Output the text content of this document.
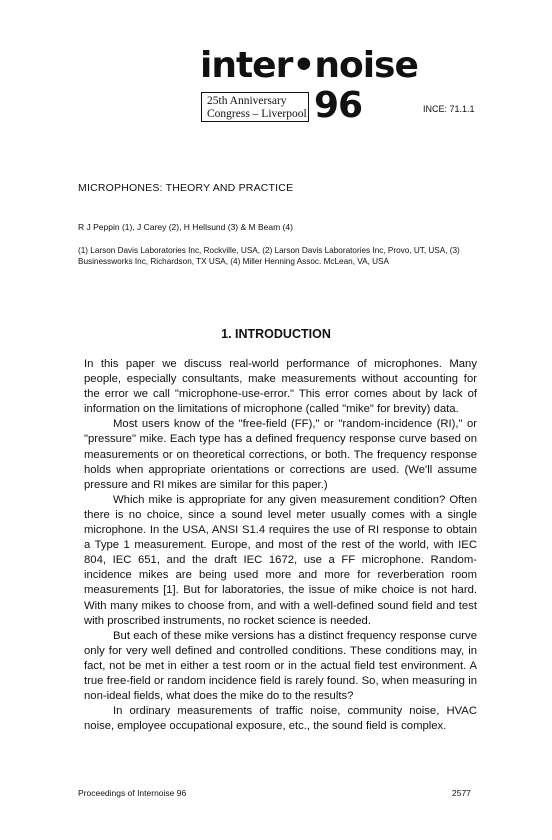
inter•noise
25th Anniversary
Congress – Liverpool 96	INCE: 71.1.1
MICROPHONES: THEORY AND PRACTICE
R J Peppin (1), J Carey (2), H Hellsund (3) & M Beam (4)
(1) Larson Davis Laboratories Inc, Rockville, USA, (2) Larson Davis Laboratories Inc, Provo, UT, USA, (3) Businessworks Inc, Richardson, TX USA, (4) Miller Henning Assoc. McLean, VA, USA
1. INTRODUCTION

In this paper we discuss real-world performance of microphones. Many people, especially consultants, make measurements without accounting for the error we call "microphone-use-error." This error comes about by lack of information on the limitations of microphone (called "mike" for brevity) data.

Most users know of the "free-field (FF)," or "random-incidence (RI)," or "pressure" mike. Each type has a defined frequency response curve based on measurements or on theoretical corrections, or both. The frequency response holds when appropriate orientations or corrections are used. (We'll assume pressure and RI mikes are similar for this paper.)

Which mike is appropriate for any given measurement condition? Often there is no choice, since a sound level meter usually comes with a single microphone. In the USA, ANSI S1.4 requires the use of RI response to obtain a Type 1 measurement. Europe, and most of the rest of the world, with IEC 804, IEC 651, and the draft IEC 1672, use a FF microphone. Random-incidence mikes are being used more and more for reverberation room measurements [1]. But for laboratories, the issue of mike choice is not hard. With many mikes to choose from, and with a well-defined sound field and test with proscribed instruments, no rocket science is needed.

But each of these mike versions has a distinct frequency response curve only for very well defined and controlled conditions. These conditions may, in fact, not be met in either a test room or in the actual field test environment. A true free-field or random incidence field is rarely found. So, when measuring in non-ideal fields, what does the mike do to the results?

In ordinary measurements of traffic noise, community noise, HVAC noise, employee occupational exposure, etc., the sound field is complex.

Proceedings of Internoise 96	2577
